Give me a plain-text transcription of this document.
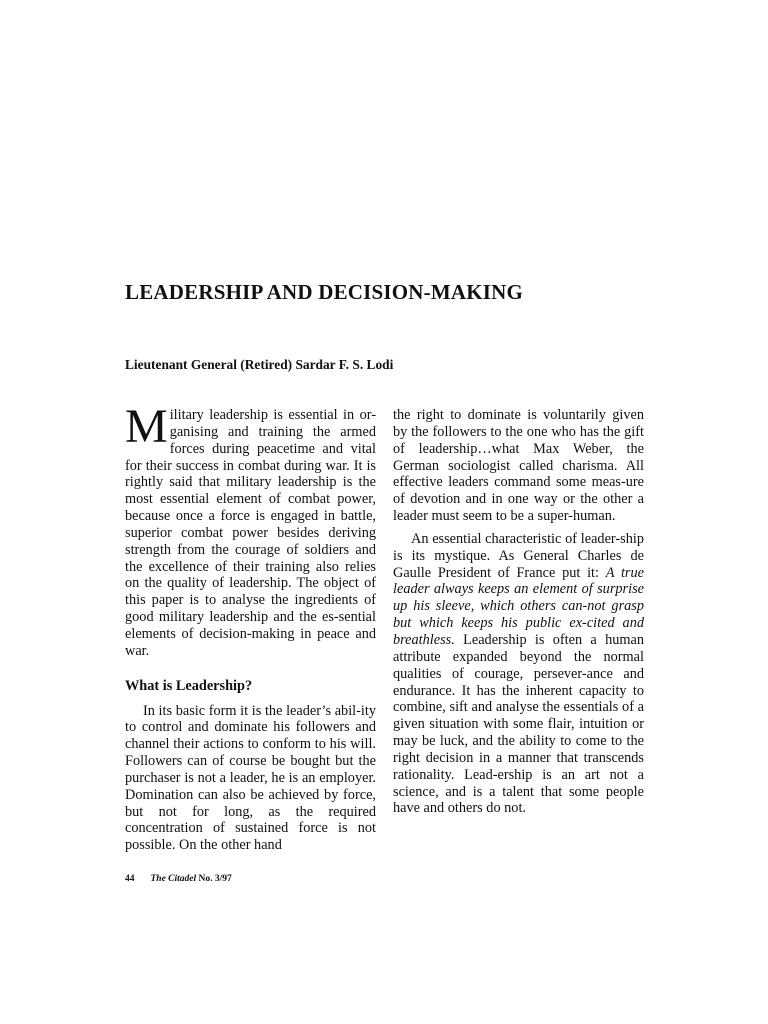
LEADERSHIP AND DECISION-MAKING

Lieutenant General (Retired) Sardar F. S. Lodi

Military leadership is essential in or-ganising and training the armed forces during peacetime and vital for their success in combat during war. It is rightly said that military leadership is the most essential element of combat power, because once a force is engaged in battle, superior combat power besides deriving strength from the courage of soldiers and the excellence of their training also relies on the quality of leadership. The object of this paper is to analyse the ingredients of good military leadership and the es-sential elements of decision-making in peace and war.

What is Leadership?

In its basic form it is the leader’s abil-ity to control and dominate his followers and channel their actions to conform to his will. Followers can of course be bought but the purchaser is not a leader, he is an employer. Domination can also be achieved by force, but not for long, as the required concentration of sustained force is not possible. On the other hand

the right to dominate is voluntarily given by the followers to the one who has the gift of leadership…what Max Weber, the German sociologist called charisma. All effective leaders command some meas-ure of devotion and in one way or the other a leader must seem to be a super-human.

An essential characteristic of leader-ship is its mystique. As General Charles de Gaulle President of France put it: A true leader always keeps an element of surprise up his sleeve, which others can-not grasp but which keeps his public ex-cited and breathless. Leadership is often a human attribute expanded beyond the normal qualities of courage, persever-ance and endurance. It has the inherent capacity to combine, sift and analyse the essentials of a given situation with some flair, intuition or may be luck, and the ability to come to the right decision in a manner that transcends rationality. Lead-ership is an art not a science, and is a talent that some people have and others do not.

44 The Citadel No. 3/97
